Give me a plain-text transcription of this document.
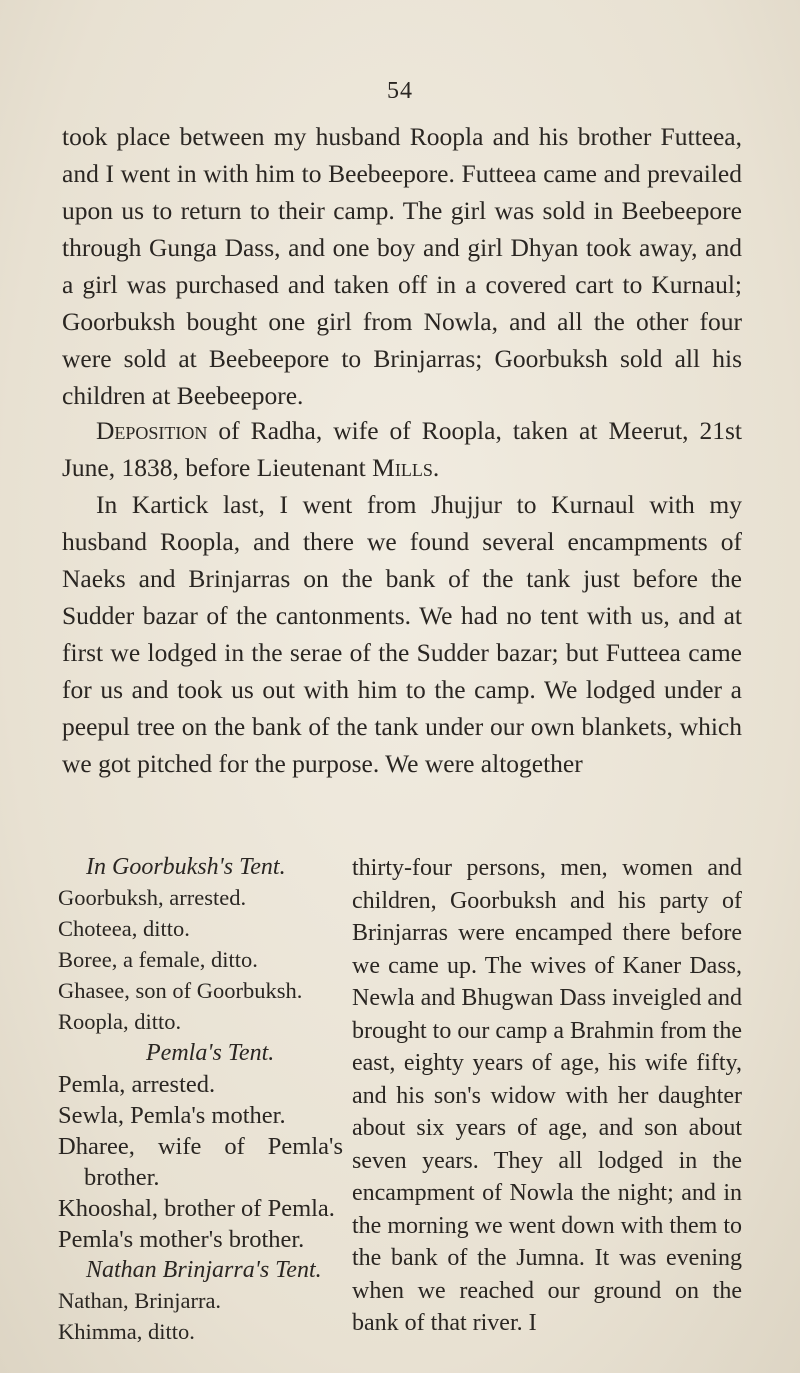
54

took place between my husband Roopla and his brother Futteea, and I went in with him to Beebeepore. Futteea came and prevailed upon us to return to their camp. The girl was sold in Beebeepore through Gunga Dass, and one boy and girl Dhyan took away, and a girl was purchased and taken off in a covered cart to Kurnaul; Goorbuksh bought one girl from Nowla, and all the other four were sold at Beebeepore to Brinjarras; Goorbuksh sold all his children at Beebeepore.

Deposition of Radha, wife of Roopla, taken at Meerut, 21st June, 1838, before Lieutenant Mills.

In Kartick last, I went from Jhujjur to Kurnaul with my husband Roopla, and there we found several encampments of Naeks and Brinjarras on the bank of the tank just before the Sudder bazar of the cantonments. We had no tent with us, and at first we lodged in the serae of the Sudder bazar; but Futteea came for us and took us out with him to the camp. We lodged under a peepul tree on the bank of the tank under our own blankets, which we got pitched for the purpose. We were altogether

In Goorbuksh's Tent.

Goorbuksh, arrested.

Choteea, ditto.

Boree, a female, ditto.

Ghasee, son of Goorbuksh.

Roopla, ditto.

Pemla's Tent.

Pemla, arrested.

Sewla, Pemla's mother.

Dharee, wife of Pemla's brother.

Khooshal, brother of Pemla.

Pemla's mother's brother.

Nathan Brinjarra's Tent.

Nathan, Brinjarra.

Khimma, ditto.

thirty-four persons, men, women and children, Goorbuksh and his party of Brinjarras were encamped there before we came up. The wives of Kaner Dass, Newla and Bhugwan Dass inveigled and brought to our camp a Brahmin from the east, eighty years of age, his wife fifty, and his son's widow with her daughter about six years of age, and son about seven years. They all lodged in the encampment of Nowla the night; and in the morning we went down with them to the bank of the Jumna. It was evening when we reached our ground on the bank of that river. I
